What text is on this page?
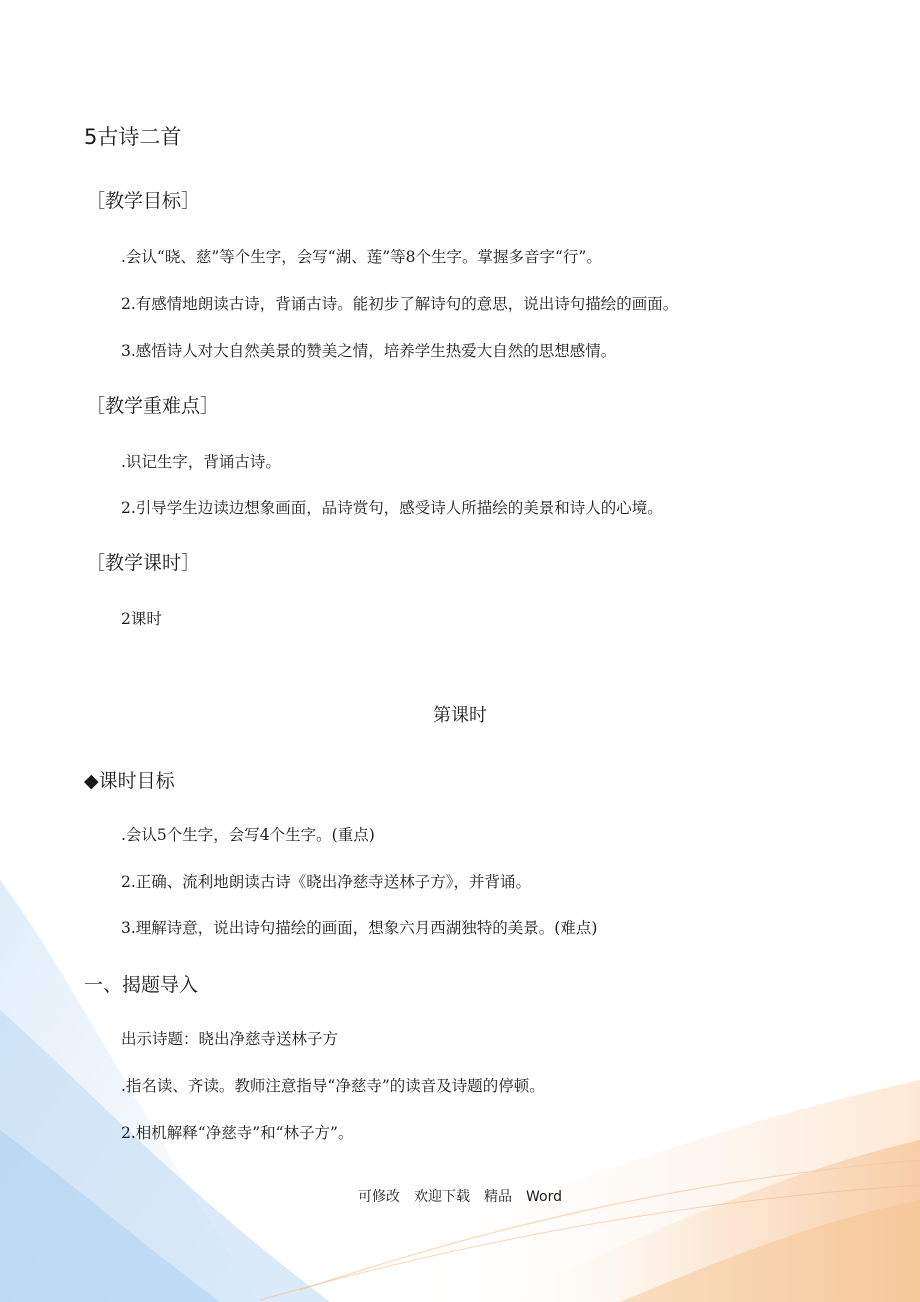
5古诗二首
［教学目标］
.会认“晓、慈”等个生字，会写“湖、莲”等8个生字。掌握多音字“行”。
2.有感情地朗读古诗，背诵古诗。能初步了解诗句的意思，说出诗句描绘的画面。
3.感悟诗人对大自然美景的赞美之情，培养学生热爱大自然的思想感情。
［教学重难点］
.识记生字，背诵古诗。
2.引导学生边读边想象画面，品诗赏句，感受诗人所描绘的美景和诗人的心境。
［教学课时］
2课时
第课时
◆课时目标
.会认5个生字，会写4个生字。(重点)
2.正确、流利地朗读古诗《晓出净慈寺送林子方》，并背诵。
3.理解诗意，说出诗句描绘的画面，想象六月西湖独特的美景。(难点)
一、揭题导入
出示诗题：晓出净慈寺送林子方
.指名读、齐读。教师注意指导“净慈寺”的读音及诗题的停顿。
2.相机解释“净慈寺”和“林子方”。
可修改　欢迎下载　精品　Word
